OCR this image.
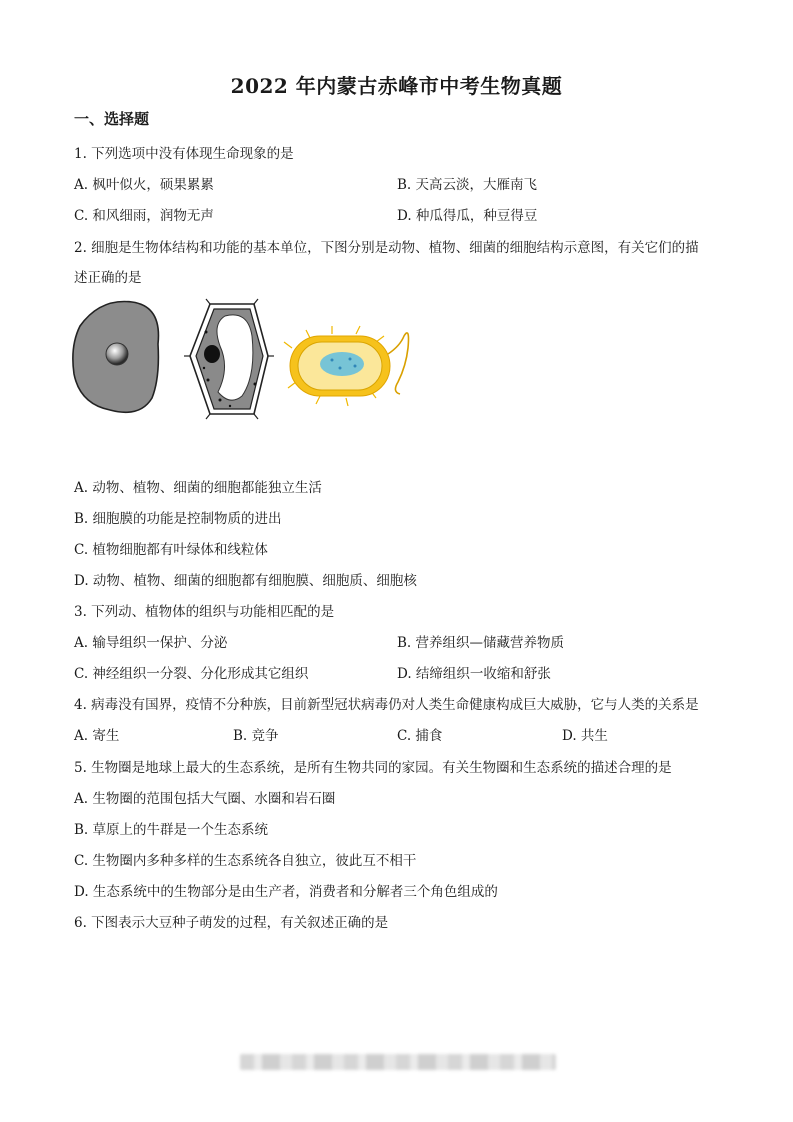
2022 年内蒙古赤峰市中考生物真题
一、选择题
1. 下列选项中没有体现生命现象的是
A. 枫叶似火，硕果累累	B. 天高云淡，大雁南飞
C. 和风细雨，润物无声	D. 种瓜得瓜，种豆得豆
2. 细胞是生物体结构和功能的基本单位，下图分别是动物、植物、细菌的细胞结构示意图，有关它们的描
述正确的是
A. 动物、植物、细菌的细胞都能独立生活
B. 细胞膜的功能是控制物质的进出
C. 植物细胞都有叶绿体和线粒体
D. 动物、植物、细菌的细胞都有细胞膜、细胞质、细胞核
3. 下列动、植物体的组织与功能相匹配的是
A. 输导组织一保护、分泌	B. 营养组织—储藏营养物质
C. 神经组织一分裂、分化形成其它组织	D. 结缔组织一收缩和舒张
4. 病毒没有国界，疫情不分种族，目前新型冠状病毒仍对人类生命健康构成巨大威胁，它与人类的关系是
A. 寄生	B. 竞争	C. 捕食	D. 共生
5. 生物圈是地球上最大的生态系统，是所有生物共同的家园。有关生物圈和生态系统的描述合理的是
A. 生物圈的范围包括大气圈、水圈和岩石圈
B. 草原上的牛群是一个生态系统
C. 生物圈内多种多样的生态系统各自独立，彼此互不相干
D. 生态系统中的生物部分是由生产者，消费者和分解者三个角色组成的
6. 下图表示大豆种子萌发的过程，有关叙述正确的是
